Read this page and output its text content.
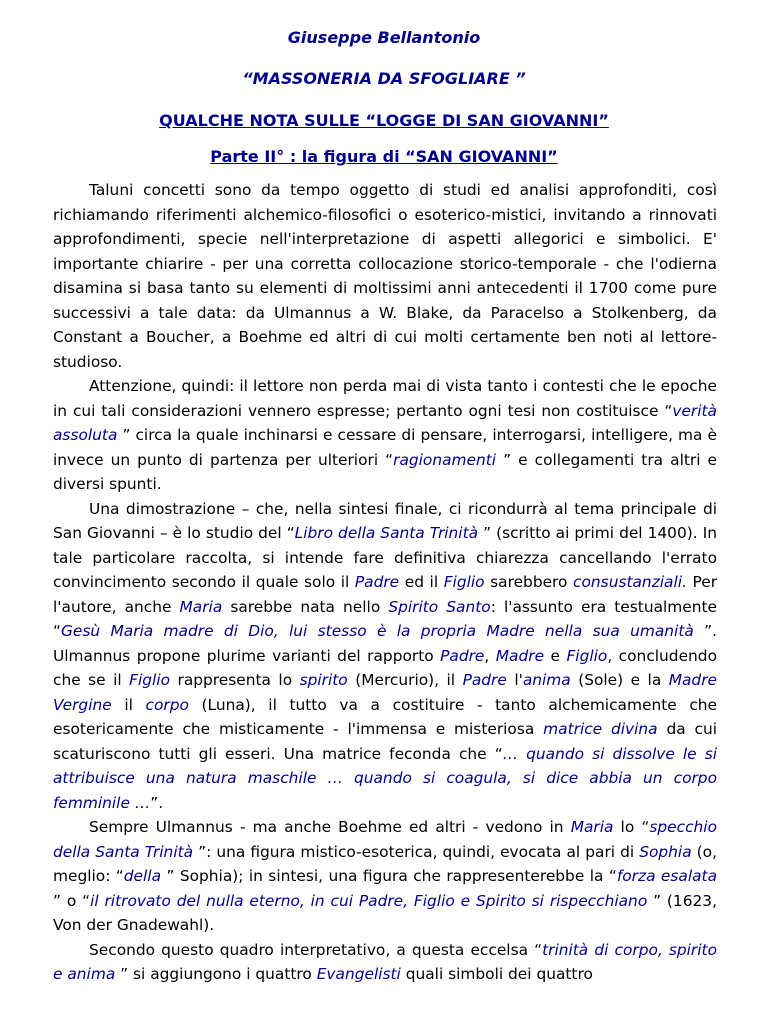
Giuseppe Bellantonio
“MASSONERIA DA SFOGLIARE ”
QUALCHE NOTA SULLE “LOGGE DI SAN GIOVANNI”
Parte II° : la figura di “SAN GIOVANNI”

Taluni concetti sono da tempo oggetto di studi ed analisi approfonditi, così richiamando riferimenti alchemico-filosofici o esoterico-mistici, invitando a rinnovati approfondimenti, specie nell'interpretazione di aspetti allegorici e simbolici. E' importante chiarire - per una corretta collocazione storico-temporale - che l'odierna disamina si basa tanto su elementi di moltissimi anni antecedenti il 1700 come pure successivi a tale data: da Ulmannus a W. Blake, da Paracelso a Stolkenberg, da Constant a Boucher, a Boehme ed altri di cui molti certamente ben noti al lettore-studioso.

Attenzione, quindi: il lettore non perda mai di vista tanto i contesti che le epoche in cui tali considerazioni vennero espresse; pertanto ogni tesi non costituisce “verità assoluta ” circa la quale inchinarsi e cessare di pensare, interrogarsi, intelligere, ma è invece un punto di partenza per ulteriori “ragionamenti ” e collegamenti tra altri e diversi spunti.

Una dimostrazione – che, nella sintesi finale, ci ricondurrà al tema principale di San Giovanni – è lo studio del “Libro della Santa Trinità ” (scritto ai primi del 1400). In tale particolare raccolta, si intende fare definitiva chiarezza cancellando l'errato convincimento secondo il quale solo il Padre ed il Figlio sarebbero consustanziali. Per l'autore, anche Maria sarebbe nata nello Spirito Santo: l'assunto era testualmente “Gesù Maria madre di Dio, lui stesso è la propria Madre nella sua umanità ”. Ulmannus propone plurime varianti del rapporto Padre, Madre e Figlio, concludendo che se il Figlio rappresenta lo spirito (Mercurio), il Padre l'anima (Sole) e la Madre Vergine il corpo (Luna), il tutto va a costituire - tanto alchemicamente che esotericamente che misticamente - l'immensa e misteriosa matrice divina da cui scaturiscono tutti gli esseri. Una matrice feconda che “… quando si dissolve le si attribuisce una natura maschile … quando si coagula, si dice abbia un corpo femminile …”.

Sempre Ulmannus - ma anche Boehme ed altri - vedono in Maria lo “specchio della Santa Trinità ”: una figura mistico-esoterica, quindi, evocata al pari di Sophia (o, meglio: “della ” Sophia); in sintesi, una figura che rappresenterebbe la “forza esalata ” o “il ritrovato del nulla eterno, in cui Padre, Figlio e Spirito si rispecchiano ” (1623, Von der Gnadewahl).

Secondo questo quadro interpretativo, a questa eccelsa “trinità di corpo, spirito e anima ” si aggiungono i quattro Evangelisti quali simboli dei quattro
